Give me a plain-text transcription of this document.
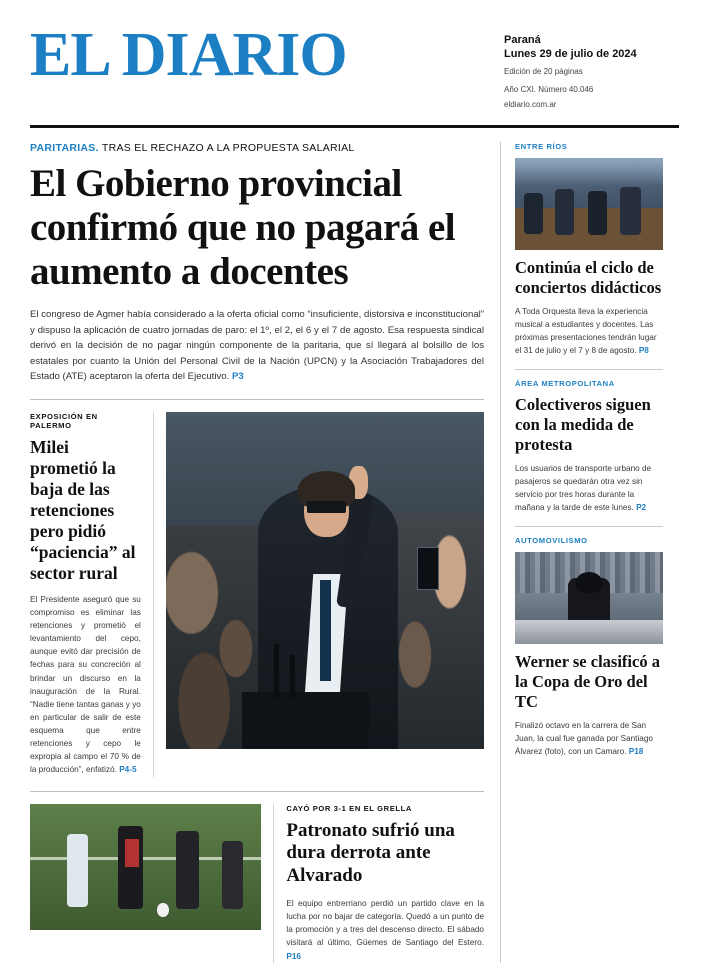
EL DIARIO	Paraná
Lunes 29 de julio de 2024
Edición de 20 páginas
Año CXI. Número 40.046
eldiario.com.ar
PARITARIAS. TRAS EL RECHAZO A LA PROPUESTA SALARIAL
El Gobierno provincial confirmó que no pagará el aumento a docentes
El congreso de Agmer había considerado a la oferta oficial como “insuficiente, distorsiva e inconstitucional” y dispuso la aplicación de cuatro jornadas de paro: el 1º, el 2, el 6 y el 7 de agosto. Esa respuesta sindical derivó en la decisión de no pagar ningún componente de la paritaria, que sí llegará al bolsillo de los estatales por cuanto la Unión del Personal Civil de la Nación (UPCN) y la Asociación Trabajadores del Estado (ATE) aceptaron la oferta del Ejecutivo. P3
EXPOSICIÓN EN PALERMO
Milei prometió la baja de las retenciones pero pidió “paciencia” al sector rural
El Presidente aseguró que su compromiso es eliminar las retenciones y prometió el levantamiento del cepo, aunque evitó dar precisión de fechas para su concreción al brindar un discurso en la inauguración de la Rural. “Nadie tiene tantas ganas y yo en particular de salir de este esquema que entre retenciones y cepo le expropia al campo el 70 % de la producción”, enfatizó. P4-5
CAYÓ POR 3-1 EN EL GRELLA
Patronato sufrió una dura derrota ante Alvarado
El equipo entrerriano perdió un partido clave en la lucha por no bajar de categoría. Quedó a un punto de la promoción y a tres del descenso directo. El sábado visitará al último, Güemes de Santiago del Estero. P16
ENTRE RÍOS
Continúa el ciclo de conciertos didácticos
A Toda Orquesta lleva la experiencia musical a estudiantes y docentes. Las próximas presentaciones tendrán lugar el 31 de julio y el 7 y 8 de agosto. P8
ÁREA METROPOLITANA
Colectiveros siguen con la medida de protesta
Los usuarios de transporte urbano de pasajeros se quedarán otra vez sin servicio por tres horas durante la mañana y la tarde de este lunes. P2
AUTOMOVILISMO
Werner se clasificó a la Copa de Oro del TC
Finalizó octavo en la carrera de San Juan, la cual fue ganada por Santiago Álvarez (foto), con un Camaro. P18
